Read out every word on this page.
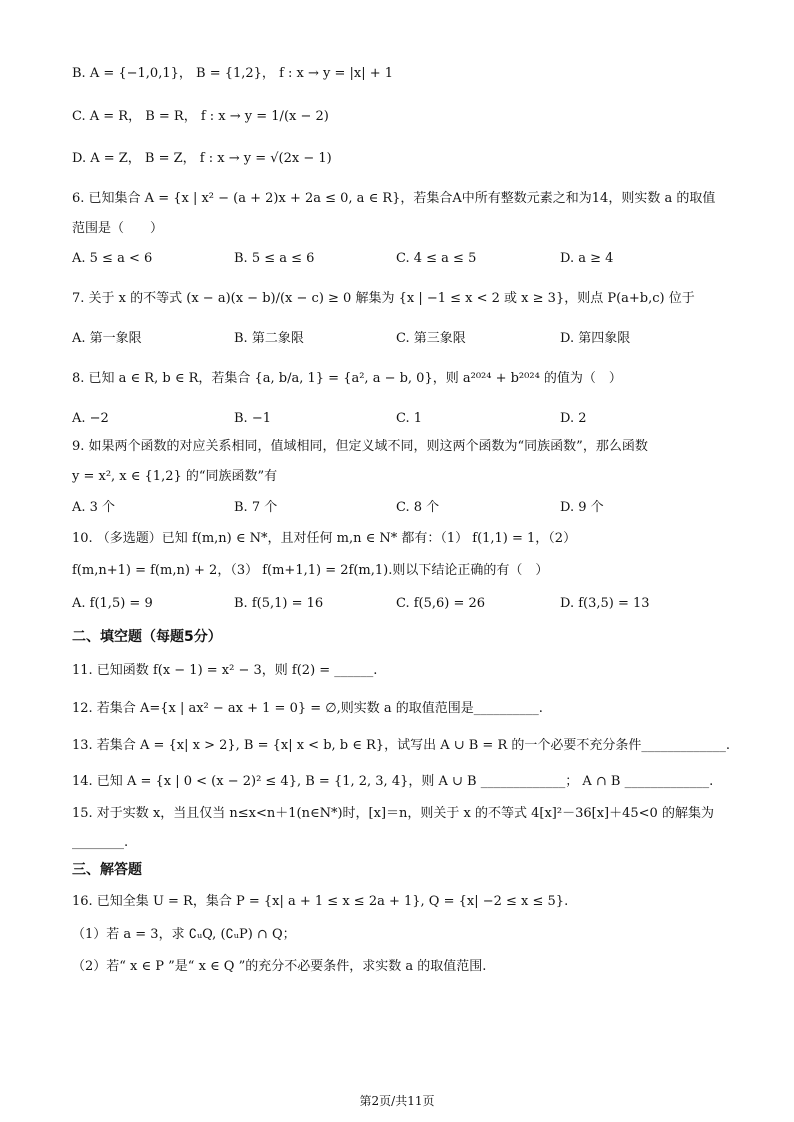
B. A = {−1,0,1}， B = {1,2}， f : x → y = |x| + 1
C. A = R， B = R， f : x → y = 1/(x − 2)
D. A = Z， B = Z， f : x → y = √(2x − 1)
6. 已知集合 A = {x | x² − (a + 2)x + 2a ≤ 0, a ∈ R}，若集合A中所有整数元素之和为14，则实数 a 的取值
范围是（　　）
A. 5 ≤ a < 6	B. 5 ≤ a ≤ 6	C. 4 ≤ a ≤ 5	D. a ≥ 4
7. 关于 x 的不等式 (x − a)(x − b)/(x − c) ≥ 0 解集为 {x | −1 ≤ x < 2 或 x ≥ 3}，则点 P(a+b,c) 位于
A. 第一象限	B. 第二象限	C. 第三象限	D. 第四象限
8. 已知 a ∈ R, b ∈ R，若集合 {a, b/a, 1} = {a², a − b, 0}，则 a²⁰²⁴ + b²⁰²⁴ 的值为（　）
A. −2	B. −1	C. 1	D. 2
9. 如果两个函数的对应关系相同，值域相同，但定义域不同，则这两个函数为“同族函数”，那么函数
y = x², x ∈ {1,2} 的“同族函数”有
A. 3 个	B. 7 个	C. 8 个	D. 9 个
10. （多选题）已知 f(m,n) ∈ N*，且对任何 m,n ∈ N* 都有：（1） f(1,1) = 1，（2）
f(m,n+1) = f(m,n) + 2，（3） f(m+1,1) = 2f(m,1).则以下结论正确的有（　）
A. f(1,5) = 9	B. f(5,1) = 16	C. f(5,6) = 26	D. f(3,5) = 13
二、填空题（每题5分）
11. 已知函数 f(x − 1) = x² − 3，则 f(2) = ______.
12. 若集合 A={x | ax² − ax + 1 = 0} = ∅,则实数 a 的取值范围是__________.
13. 若集合 A = {x| x > 2}, B = {x| x < b, b ∈ R}，试写出 A ∪ B = R 的一个必要不充分条件_____________.
14. 已知 A = {x | 0 < (x − 2)² ≤ 4}, B = {1, 2, 3, 4}，则 A ∪ B _____________； A ∩ B _____________.
15. 对于实数 x，当且仅当 n≤x<n＋1(n∈N*)时，[x]＝n，则关于 x 的不等式 4[x]²－36[x]＋45<0 的解集为
________.
三、解答题
16. 已知全集 U = R，集合 P = {x| a + 1 ≤ x ≤ 2a + 1}, Q = {x| −2 ≤ x ≤ 5}.
（1）若 a = 3，求 ∁ᵤQ, (∁ᵤP) ∩ Q；
（2）若“ x ∈ P ”是“ x ∈ Q ”的充分不必要条件，求实数 a 的取值范围.
第2页/共11页
